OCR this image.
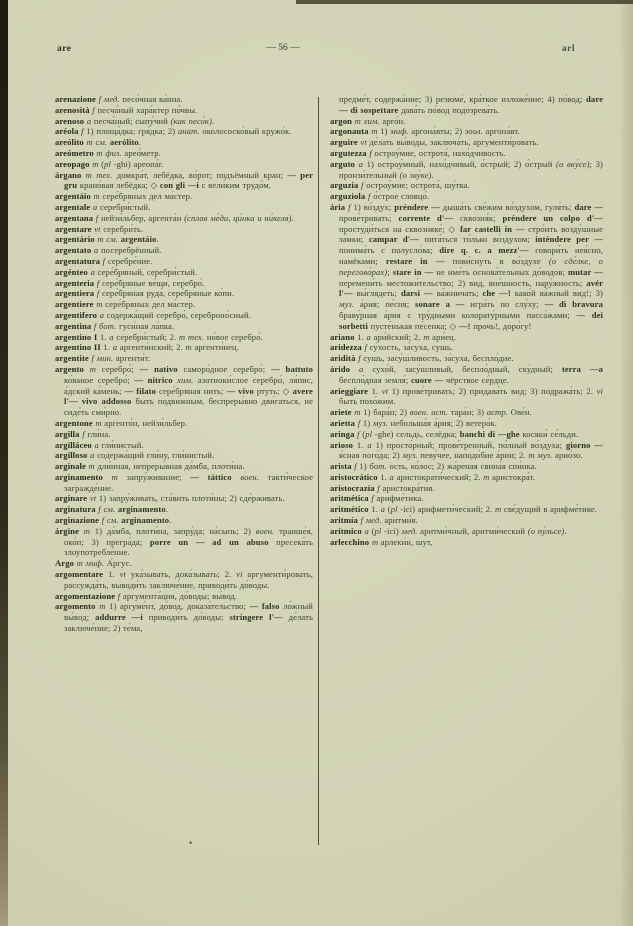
are	— 56 —	arl

arenazione f мед. песо́чная ва́нна.

arenosità f песча́ный хара́ктер по́чвы.

arenoso a песча́ный; сыпу́чий (как песо́к).

aréola f 1) площа́дка; гря́дка; 2) анат. околососко́вый кружо́к.

areólito m см. aerólito.

areómetro m физ. арео́метр.

areopago m (pl -ghi) ареопа́г.

árgano m тех. домкра́т, лебёдка, во́рот; подъёмный кран; — per gru крано́вая лебёдка; ◇ con gli —i с вели́ким трудо́м.

argentáio m сере́бряных дел ма́стер.

argentale a серебри́стый.

argentana f нейзи́льбер, аргента́н (сплав ме́ди, ци́нка и ни́келя).

argentare vt серебри́ть.

argentário m см. argentáio.

argentato a посеребрённый.

argentatura f серебре́ние.

argénteo a сере́бряный, серебри́стый.

argenteria f сере́бряные ве́щи, серебро́.

argentiera f сере́бряная руда́, сере́бряные ко́пи.

argentiere m сере́бряных дел ма́стер.

argentifero a содержа́щий серебро́, сереброно́сный.

argentina f бот. гуси́ная ла́пка.

argentino I 1. a серебри́стый; 2. m тех. но́вое серебро́.

argentino II 1. a аргенти́нский; 2. m аргенти́нец.

argentite f мин. аргенти́т.

argento m серебро́; — nativo саморо́дное серебро́; — battuto ко́ваное серебро́; — nitrico хим. азотноки́слое серебро́, ля́пис, а́дский ка́мень; — filato сере́бряная нить; — vivo ртуть; ◇ avere l'— vivo addosso быть подви́жным, беспреры́вно дви́гаться, не сиде́ть сми́рно.

argentone m аргенто́н, нейзи́льбер.

argilla f гли́на.

argilláceo a гли́нистый.

argilloso a содержа́щий гли́ну, гли́нистый.

arginale m дли́нная, непреры́вная да́мба, плоти́на.

arginamento m запру́живание; — táttico воен. такти́ческое загражде́ние.

arginare vt 1) запру́живать, ста́вить плоти́ны; 2) сде́рживать.

arginatura f см. arginamento.

arginazione f см. arginamento.

árgine m 1) да́мба, плоти́на, запру́да; на́сыпь; 2) воен. транше́я, око́п; 3) прегра́да; porre un — ad un abuso пресека́ть злоупотребле́ние.

Argo m миф. А́ргус.

argomentare 1. vt ука́зывать, дока́зывать; 2. vi аргументи́ровать, рассужда́ть, выводи́ть заключе́ние, приводи́ть до́воды.

argomentazione f аргумента́ция, до́воды; вы́вод.

argomento m 1) аргуме́нт, до́вод, доказа́тельство; — falso ло́жный вы́вод; addurre —i приводи́ть до́воды; stringere l'— де́лать заключе́ние; 2) те́ма,

предме́т, содержа́ние; 3) резюме́, кра́ткое изложе́ние; 4) по́вод; dare — di sospettare дава́ть по́вод подозрева́ть.

argon m хим. арго́н.

argonauta m 1) миф. аргона́вты; 2) зоол. аргона́вт.

arguire vt де́лать вы́воды, заключа́ть, аргументи́ровать.

argutezza f остроу́мие, острота́, нахо́дчивость.

arguto a 1) остроу́мный, нахо́дчивый, о́стрый; 2) о́стрый (о вку́се); 3) пронзи́тельный (о зву́ке).

arguzia f остроу́мие; острота́, шу́тка.

arguziola f о́строе словцо́.

ária f 1) во́здух; préndere — дыша́ть све́жим во́здухом, гуля́ть; dare — прове́тривать; corrente d'— сквозня́к; préndere un colpo d'— простуди́ться на сквозняке́; ◇ far castelli in — стро́ить возду́шные за́мки; campar d'— пита́ться то́лько во́здухом; inténdere per — понима́ть с полусло́ва; dire q. c. a mezz'— говори́ть нея́сно, намёками; restare in — пови́снуть в во́здухе (о сде́лке, о перегово́рах); stare in — не име́ть основа́тельных до́водов; mutar — перемени́ть местожи́тельство; 2) вид, вне́шность, нару́жность; avér l'— вы́глядеть; darsi — ва́жничать; che —! како́й ва́жный вид!; 3) муз. а́рия; пе́сня; sonare a — игра́ть по слу́ху; — di bravura браву́рная а́рия с тру́дными колорату́рными пасса́жами; — dei sorbetti пусте́нькая пе́сенка; ◇ —! прочь!, доро́гу!

ariano 1. a ари́йский; 2. m ари́ец.

aridezza f су́хость, за́суха, сушь.

aridità f сушь, засу́шливость, за́суха, беспло́дие.

árido a сухо́й, засу́шливый, беспло́дный, ску́дный; terra —a беспло́дная земля́; cuore — чёрствое се́рдце.

arieggiare 1. vt 1) прове́тривать; 2) придава́ть вид; 3) подража́ть; 2. vi быть похо́жим.

ariete m 1) бара́н; 2) воен. ист. тара́н; 3) астр. Ове́н.

arietta f 1) муз. небольша́я а́рия; 2) ветеро́к.

aringa f (pl -ghe) сельдь, селёдка; banchi di —ghe косяки́ се́льди.

arioso 1. a 1) просто́рный; прове́тренный, по́лный во́здуха; giorno — я́сная пого́да; 2) муз. певу́чее, наподо́бие а́рии; 2. m муз. арио́зо.

arista f 1) бот. ость, ко́лос; 2) жа́реная свина́я спи́нка.

aristocrático 1. a аристократи́ческий; 2. m аристокра́т.

aristocrazía f аристокра́тия.

aritmética f арифме́тика.

aritmético 1. a (pl -ici) арифмети́ческий; 2. m све́дущий в арифме́тике.

aritmía f мед. аритми́я.

arítmico a (pl -ici) мед. аритми́чный, аритми́ческий (о пу́льсе).

arlecchino m арлеки́н, шут,

•
